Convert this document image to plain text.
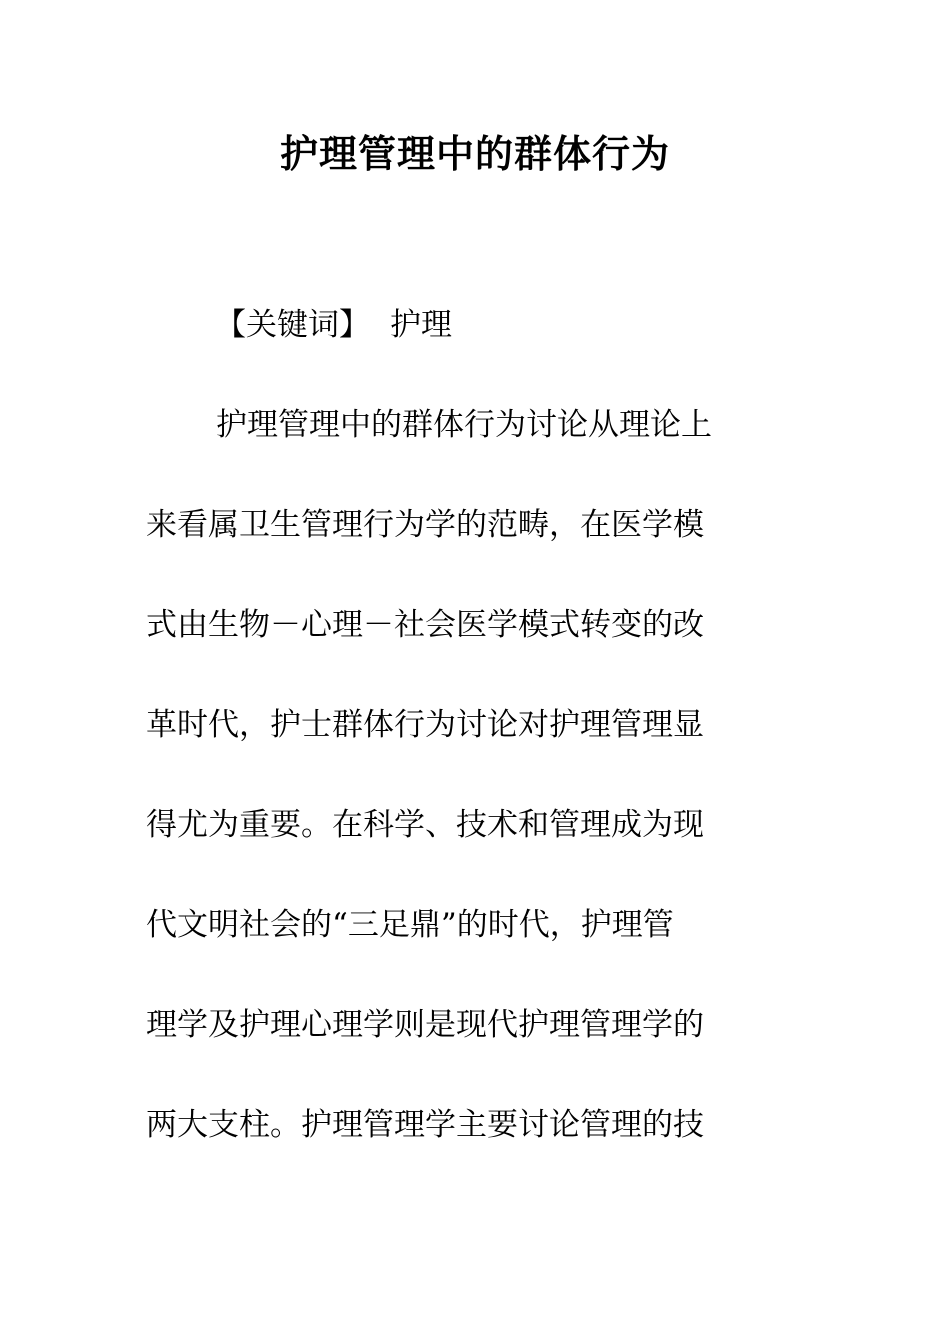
护理管理中的群体行为

【关键词】 护理

护理管理中的群体行为讨论从理论上

来看属卫生管理行为学的范畴，在医学模

式由生物－心理－社会医学模式转变的改

革时代，护士群体行为讨论对护理管理显

得尤为重要。在科学、技术和管理成为现

代文明社会的“三足鼎”的时代，护理管

理学及护理心理学则是现代护理管理学的

两大支柱。护理管理学主要讨论管理的技
